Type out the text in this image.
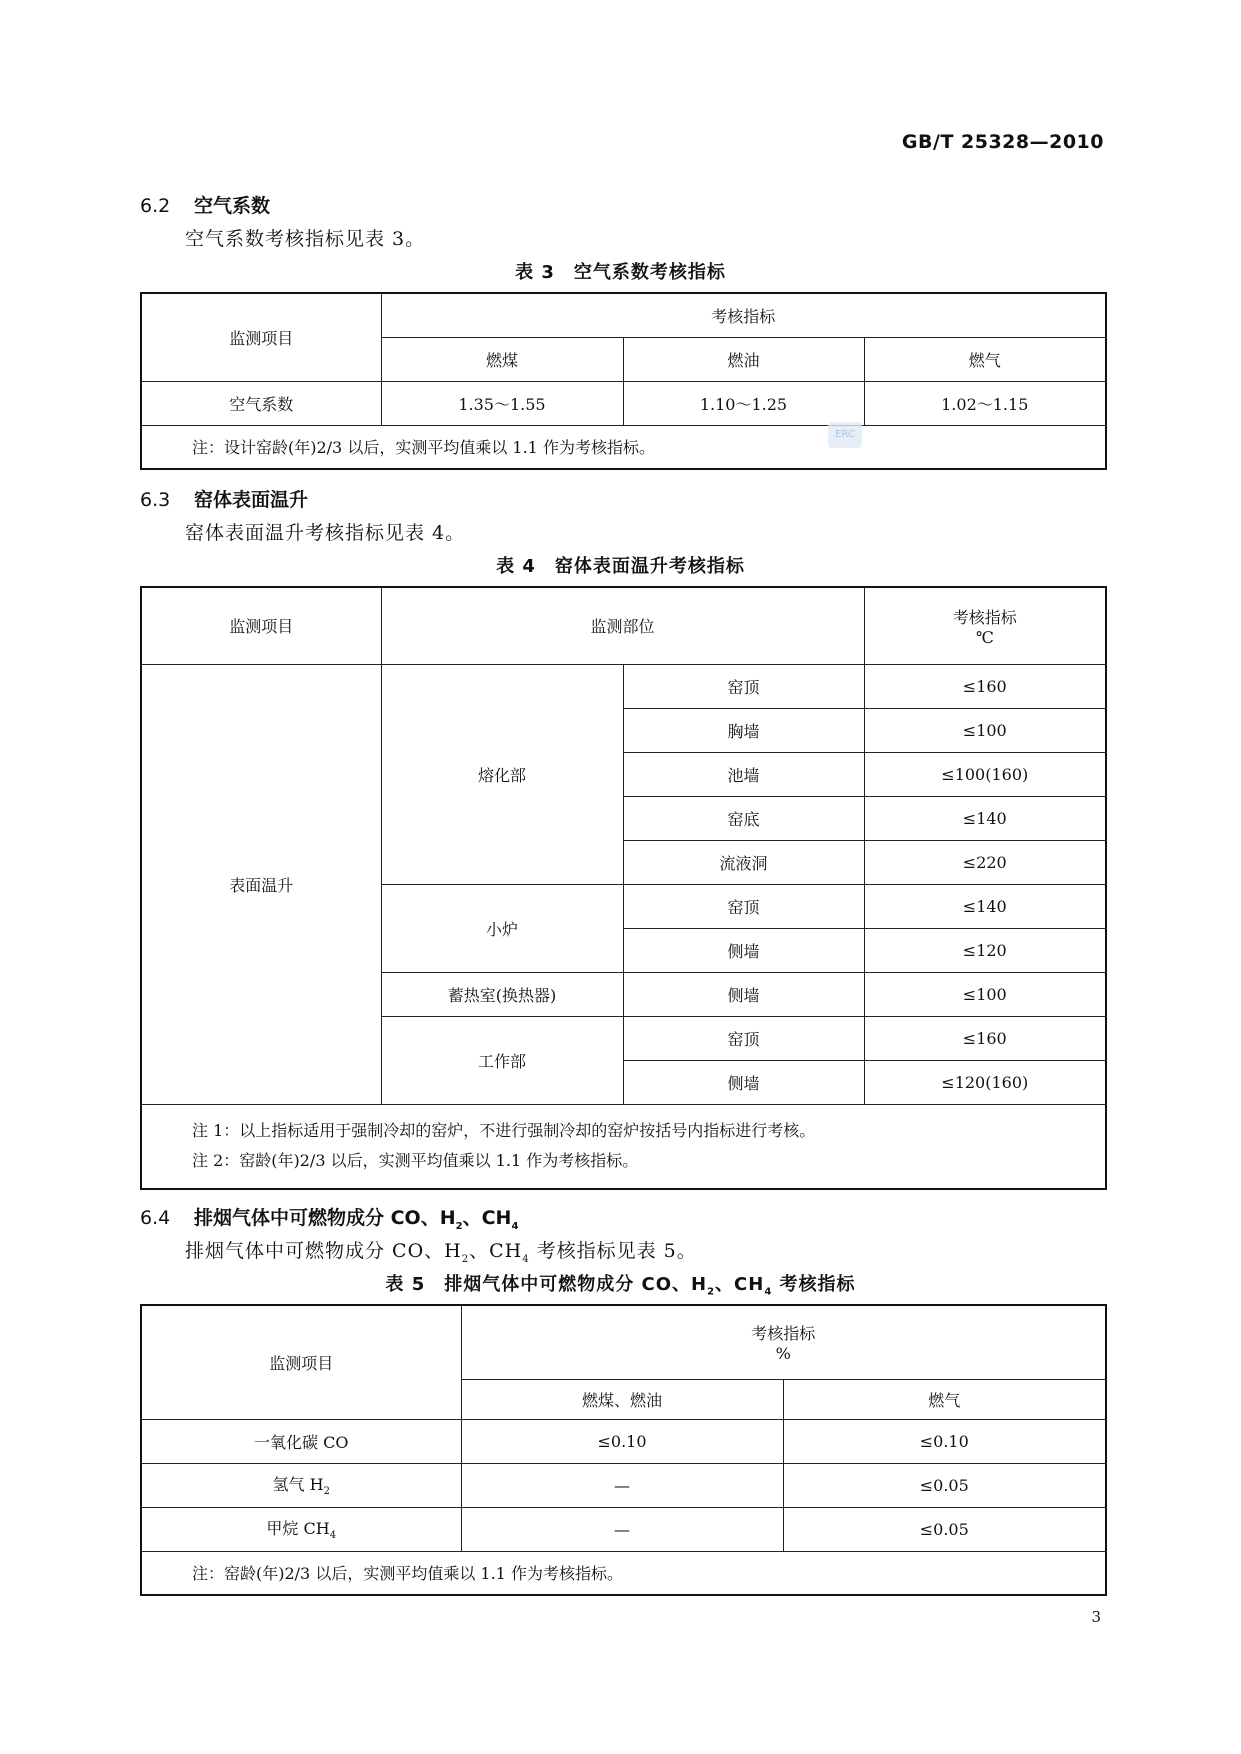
GB/T 25328—2010
6.2 空气系数
空气系数考核指标见表 3。
表 3　空气系数考核指标
监测项目	考核指标		
	燃煤	燃油	燃气
空气系数	1.35～1.55	1.10～1.25	1.02～1.15
注：设计窑龄(年)2/3 以后，实测平均值乘以 1.1 作为考核指标。			
ERC
6.3 窑体表面温升
窑体表面温升考核指标见表 4。
表 4　窑体表面温升考核指标
监测项目	监测部位		考核指标
℃

表面温升	熔化部	窑顶	≤160
		胸墙	≤100
		池墙	≤100(160)
		窑底	≤140
		流液洞	≤220
	小炉	窑顶	≤140
		侧墙	≤120
	蓄热室(换热器)	侧墙	≤100
	工作部	窑顶	≤160
		侧墙	≤120(160)

注 1：以上指标适用于强制冷却的窑炉，不进行强制冷却的窑炉按括号内指标进行考核。
注 2：窑龄(年)2/3 以后，实测平均值乘以 1.1 作为考核指标。			
6.4 排烟气体中可燃物成分 CO、$H_2$、$CH_4$
排烟气体中可燃物成分 CO、$H_2$、$CH_4$ 考核指标见表 5。
表 5　排烟气体中可燃物成分 CO、$H_2$、$CH_4$ 考核指标
监测项目	考核指标
%	

	燃煤、燃油	燃气
一氧化碳 CO	≤0.10	≤0.10
氢气 $H_2$	—	≤0.05
甲烷 $CH_4$	—	≤0.05
注：窑龄(年)2/3 以后，实测平均值乘以 1.1 作为考核指标。		
3
